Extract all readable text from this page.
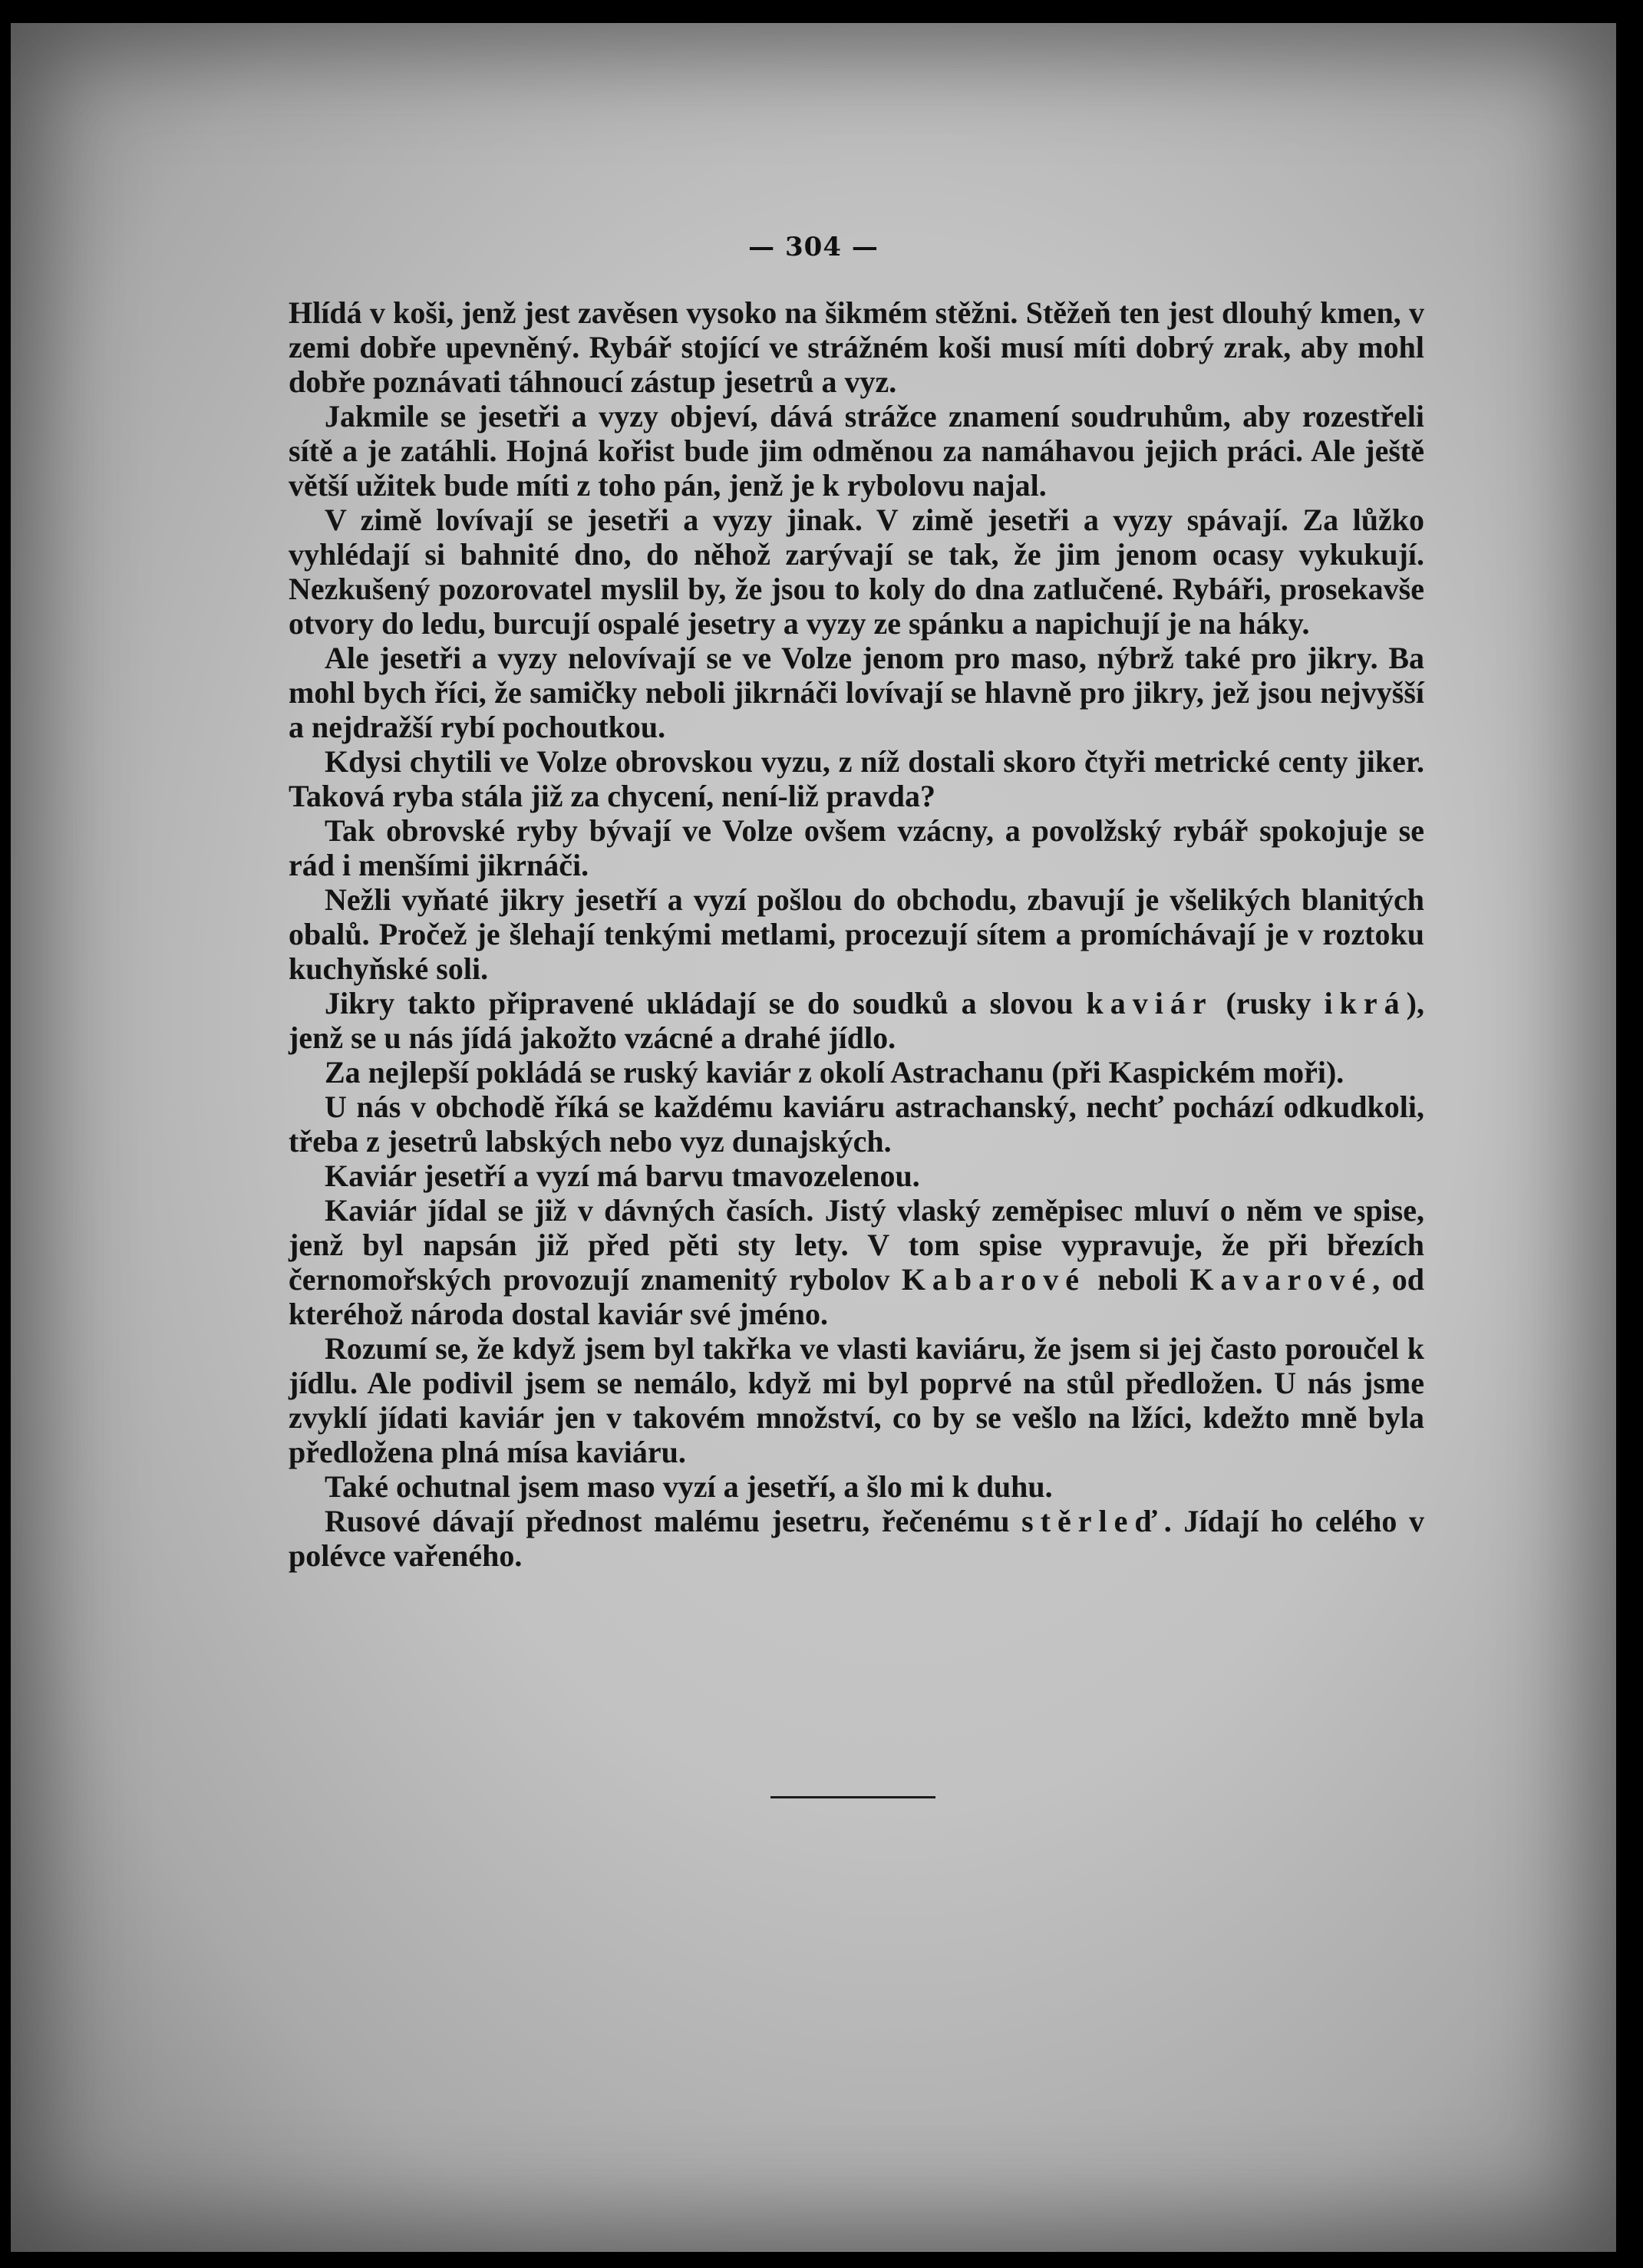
— 304 —

Hlídá v koši, jenž jest zavěsen vysoko na šikmém stěžni. Stěžeň ten jest dlouhý kmen, v zemi dobře upevněný. Rybář stojící ve strážném koši musí míti dobrý zrak, aby mohl dobře poznávati táhnoucí zástup jesetrů a vyz.

Jakmile se jesetři a vyzy objeví, dává strážce znamení soudruhům, aby rozestřeli sítě a je zatáhli. Hojná kořist bude jim odměnou za namáhavou jejich práci. Ale ještě větší užitek bude míti z toho pán, jenž je k rybolovu najal.

V zimě lovívají se jesetři a vyzy jinak. V zimě jesetři a vyzy spávají. Za lůžko vyhlédají si bahnité dno, do něhož zarývají se tak, že jim jenom ocasy vykukují. Nezkušený pozorovatel myslil by, že jsou to koly do dna zatlučené. Rybáři, prosekavše otvory do ledu, burcují ospalé jesetry a vyzy ze spánku a napichují je na háky.

Ale jesetři a vyzy nelovívají se ve Volze jenom pro maso, nýbrž také pro jikry. Ba mohl bych říci, že samičky neboli jikrnáči lovívají se hlavně pro jikry, jež jsou nejvyšší a nejdražší rybí pochoutkou.

Kdysi chytili ve Volze obrovskou vyzu, z níž dostali skoro čtyři metrické centy jiker. Taková ryba stála již za chycení, není-liž pravda?

Tak obrovské ryby bývají ve Volze ovšem vzácny, a povolžský rybář spokojuje se rád i menšími jikrnáči.

Nežli vyňaté jikry jesetří a vyzí pošlou do obchodu, zbavují je všelikých blanitých obalů. Pročež je šlehají tenkými metlami, procezují sítem a promíchávají je v roztoku kuchyňské soli.

Jikry takto připravené ukládají se do soudků a slovou kaviár (rusky ikrá), jenž se u nás jídá jakožto vzácné a drahé jídlo.

Za nejlepší pokládá se ruský kaviár z okolí Astrachanu (při Kaspickém moři).

U nás v obchodě říká se každému kaviáru astrachanský, nechť pochází odkudkoli, třeba z jesetrů labských nebo vyz dunajských.

Kaviár jesetří a vyzí má barvu tmavozelenou.

Kaviár jídal se již v dávných časích. Jistý vlaský zeměpisec mluví o něm ve spise, jenž byl napsán již před pěti sty lety. V tom spise vypravuje, že při březích černomořských provozují znamenitý rybolov Kabarové neboli Kavarové, od kteréhož národa dostal kaviár své jméno.

Rozumí se, že když jsem byl takřka ve vlasti kaviáru, že jsem si jej často poroučel k jídlu. Ale podivil jsem se nemálo, když mi byl poprvé na stůl předložen. U nás jsme zvyklí jídati kaviár jen v takovém množství, co by se vešlo na lžíci, kdežto mně byla předložena plná mísa kaviáru.

Také ochutnal jsem maso vyzí a jesetří, a šlo mi k duhu.

Rusové dávají přednost malému jesetru, řečenému stěrleď. Jídají ho celého v polévce vařeného.
